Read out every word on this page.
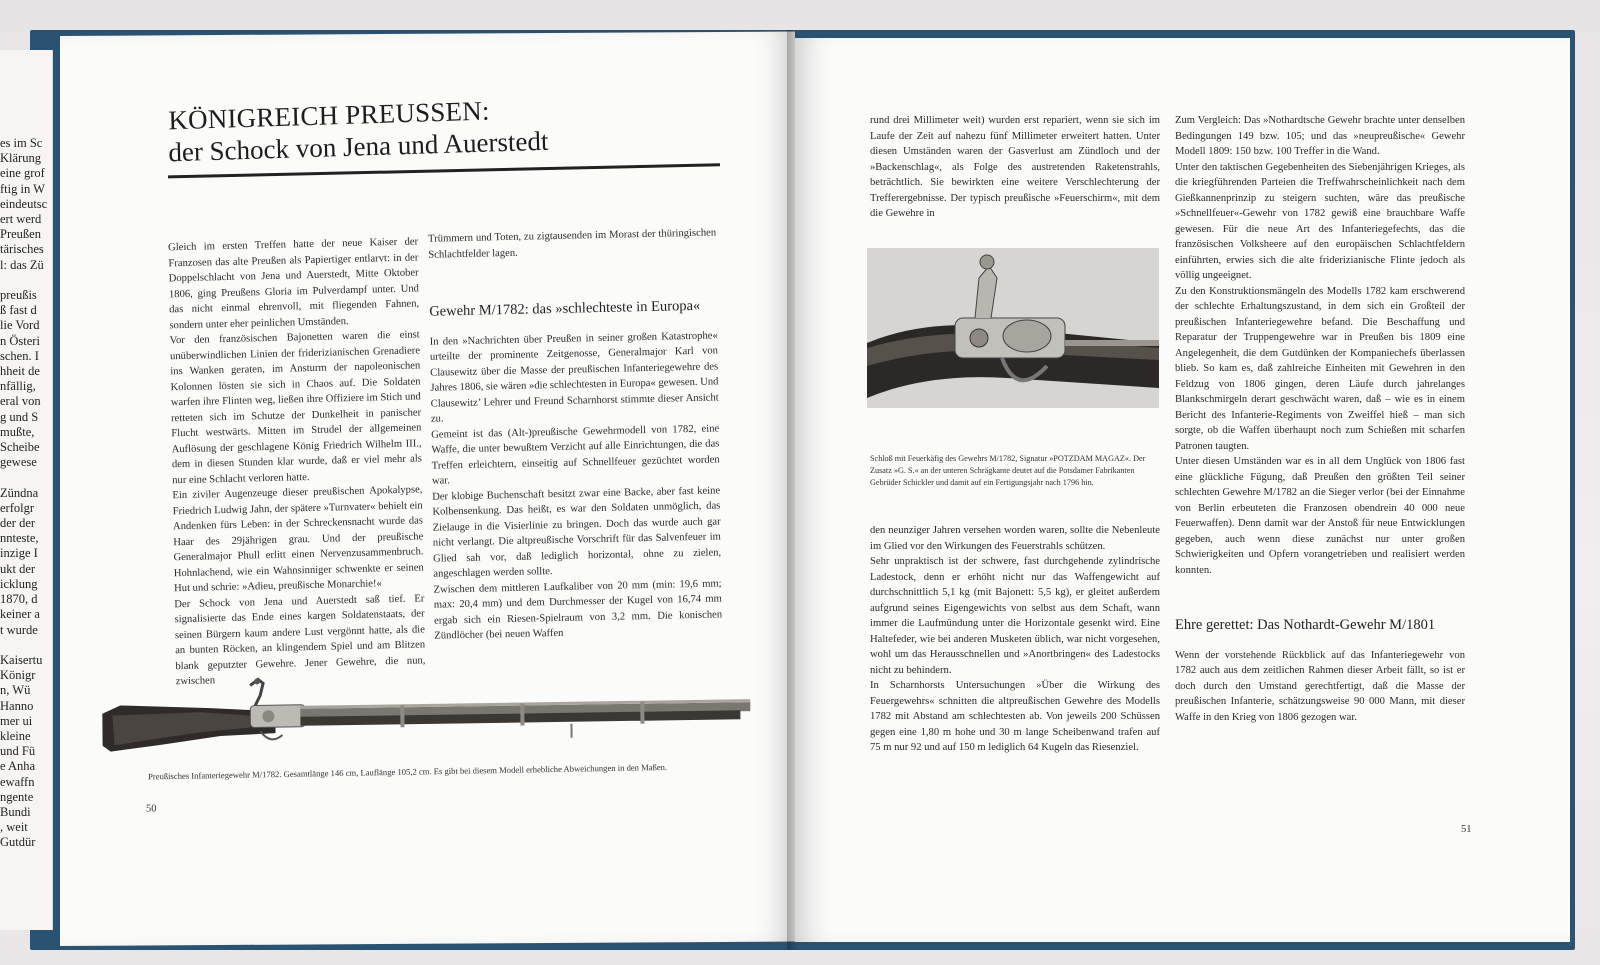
es im Sc
Klärung
eine grof
ftig in W
eindeutsc
ert werd
Preußen
tärisches
l: das Zü

preußis
ß fast d
lie Vord
n Österi
schen. I
hheit de
nfällig,
eral von
g und S
mußte,
Scheibe
gewese

Zündna
erfolgr
der der
nnteste,
inzige I
ukt der
icklung
1870, d
keiner a
t wurde

Kaisertu
Königr
n, Wü
Hanno
mer ui
kleine
und Fü
e Anha
ewaffn
ngente
Bundi
, weit
Gutdür
KÖNIGREICH PREUSSEN:
der Schock von Jena und Auerstedt

Gleich im ersten Treffen hatte der neue Kaiser der Franzosen das alte Preußen als Papiertiger entlarvt: in der Doppelschlacht von Jena und Auerstedt, Mitte Oktober 1806, ging Preußens Gloria im Pulverdampf unter. Und das nicht einmal ehrenvoll, mit fliegenden Fahnen, sondern unter eher peinlichen Umständen.

Vor den französischen Bajonetten waren die einst unüberwindlichen Linien der friderizianischen Grenadiere ins Wanken geraten, im Ansturm der napoleonischen Kolonnen lösten sie sich in Chaos auf. Die Soldaten warfen ihre Flinten weg, ließen ihre Offiziere im Stich und retteten sich im Schutze der Dunkelheit in panischer Flucht westwärts. Mitten im Strudel der allgemeinen Auflösung der geschlagene König Friedrich Wilhelm III., dem in diesen Stunden klar wurde, daß er viel mehr als nur eine Schlacht verloren hatte.

Ein ziviler Augenzeuge dieser preußischen Apokalypse, Friedrich Ludwig Jahn, der spätere »Turnvater« behielt ein Andenken fürs Leben: in der Schreckensnacht wurde das Haar des 29jährigen grau. Und der preußische Generalmajor Phull erlitt einen Nervenzusammenbruch. Hohnlachend, wie ein Wahnsinniger schwenkte er seinen Hut und schrie: »Adieu, preußische Monarchie!«

Der Schock von Jena und Auerstedt saß tief. Er signalisierte das Ende eines kargen Soldatenstaats, der seinen Bürgern kaum andere Lust vergönnt hatte, als die an bunten Röcken, an klingendem Spiel und am Blitzen blank geputzter Gewehre. Jener Gewehre, die nun, zwischen

Trümmern und Toten, zu zigtausenden im Morast der thüringischen Schlachtfelder lagen.

Gewehr M/1782: das »schlechteste in Europa«

In den »Nachrichten über Preußen in seiner großen Katastrophe« urteilte der prominente Zeitgenosse, Generalmajor Karl von Clausewitz über die Masse der preußischen Infanteriegewehre des Jahres 1806, sie wären »die schlechtesten in Europa« gewesen. Und Clausewitz’ Lehrer und Freund Scharnhorst stimmte dieser Ansicht zu.

Gemeint ist das (Alt-)preußische Gewehrmodell von 1782, eine Waffe, die unter bewußtem Verzicht auf alle Einrichtungen, die das Treffen erleichtern, einseitig auf Schnellfeuer gezüchtet worden war.

Der klobige Buchenschaft besitzt zwar eine Backe, aber fast keine Kolbensenkung. Das heißt, es war den Soldaten unmöglich, das Zielauge in die Visierlinie zu bringen. Doch das wurde auch gar nicht verlangt. Die altpreußische Vorschrift für das Salvenfeuer im Glied sah vor, daß lediglich horizontal, ohne zu zielen, angeschlagen werden sollte.

Zwischen dem mittleren Laufkaliber von 20 mm (min: 19,6 mm; max: 20,4 mm) und dem Durchmesser der Kugel von 16,74 mm ergab sich ein Riesen-Spielraum von 3,2 mm. Die konischen Zündlöcher (bei neuen Waffen

Preußisches Infanteriegewehr M/1782. Gesamtlänge 146 cm, Lauflänge 105,2 cm. Es gibt bei diesem Modell erhebliche Abweichungen in den Maßen.
50

rund drei Millimeter weit) wurden erst repariert, wenn sie sich im Laufe der Zeit auf nahezu fünf Millimeter erweitert hatten. Unter diesen Umständen waren der Gasverlust am Zündloch und der »Backenschlag«, als Folge des austretenden Raketenstrahls, beträchtlich. Sie bewirkten eine weitere Verschlechterung der Trefferergebnisse. Der typisch preußische »Feuerschirm«, mit dem die Gewehre in

Schloß mit Feuerkäfig des Gewehrs M/1782, Signatur »POTZDAM MAGAZ«. Der Zusatz »G. S.« an der unteren Schrägkante deutet auf die Potsdamer Fabrikanten Gebrüder Schickler und damit auf ein Fertigungsjahr nach 1796 hin.

den neunziger Jahren versehen worden waren, sollte die Nebenleute im Glied vor den Wirkungen des Feuerstrahls schützen.

Sehr unpraktisch ist der schwere, fast durchgehende zylindrische Ladestock, denn er erhöht nicht nur das Waffengewicht auf durchschnittlich 5,1 kg (mit Bajonett: 5,5 kg), er gleitet außerdem aufgrund seines Eigengewichts von selbst aus dem Schaft, wann immer die Laufmündung unter die Horizontale gesenkt wird. Eine Haltefeder, wie bei anderen Musketen üblich, war nicht vorgesehen, wohl um das Herausschnellen und »Anortbringen« des Ladestocks nicht zu behindern.

In Scharnhorsts Untersuchungen »Über die Wirkung des Feuergewehrs« schnitten die altpreußischen Gewehre des Modells 1782 mit Abstand am schlechtesten ab. Von jeweils 200 Schüssen gegen eine 1,80 m hohe und 30 m lange Scheibenwand trafen auf 75 m nur 92 und auf 150 m lediglich 64 Kugeln das Riesenziel.

Zum Vergleich: Das »Nothardtsche Gewehr brachte unter denselben Bedingungen 149 bzw. 105; und das »neupreußische« Gewehr Modell 1809: 150 bzw. 100 Treffer in die Wand.

Unter den taktischen Gegebenheiten des Siebenjährigen Krieges, als die kriegführenden Parteien die Treffwahrscheinlichkeit nach dem Gießkannenprinzip zu steigern suchten, wäre das preußische »Schnellfeuer«-Gewehr von 1782 gewiß eine brauchbare Waffe gewesen. Für die neue Art des Infanteriegefechts, das die französischen Volksheere auf den europäischen Schlachtfeldern einführten, erwies sich die alte friderizianische Flinte jedoch als völlig ungeeignet.

Zu den Konstruktionsmängeln des Modells 1782 kam erschwerend der schlechte Erhaltungszustand, in dem sich ein Großteil der preußischen Infanteriegewehre befand. Die Beschaffung und Reparatur der Truppengewehre war in Preußen bis 1809 eine Angelegenheit, die dem Gutdünken der Kompaniechefs überlassen blieb. So kam es, daß zahlreiche Einheiten mit Gewehren in den Feldzug von 1806 gingen, deren Läufe durch jahrelanges Blankschmirgeln derart geschwächt waren, daß – wie es in einem Bericht des Infanterie-Regiments von Zweiffel hieß – man sich sorgte, ob die Waffen überhaupt noch zum Schießen mit scharfen Patronen taugten.

Unter diesen Umständen war es in all dem Unglück von 1806 fast eine glückliche Fügung, daß Preußen den größten Teil seiner schlechten Gewehre M/1782 an die Sieger verlor (bei der Einnahme von Berlin erbeuteten die Franzosen obendrein 40 000 neue Feuerwaffen). Denn damit war der Anstoß für neue Entwicklungen gegeben, auch wenn diese zunächst nur unter großen Schwierigkeiten und Opfern vorangetrieben und realisiert werden konnten.

Ehre gerettet: Das Nothardt-Gewehr M/1801

Wenn der vorstehende Rückblick auf das Infanteriegewehr von 1782 auch aus dem zeitlichen Rahmen dieser Arbeit fällt, so ist er doch durch den Umstand gerechtfertigt, daß die Masse der preußischen Infanterie, schätzungsweise 90 000 Mann, mit dieser Waffe in den Krieg von 1806 gezogen war.

51
